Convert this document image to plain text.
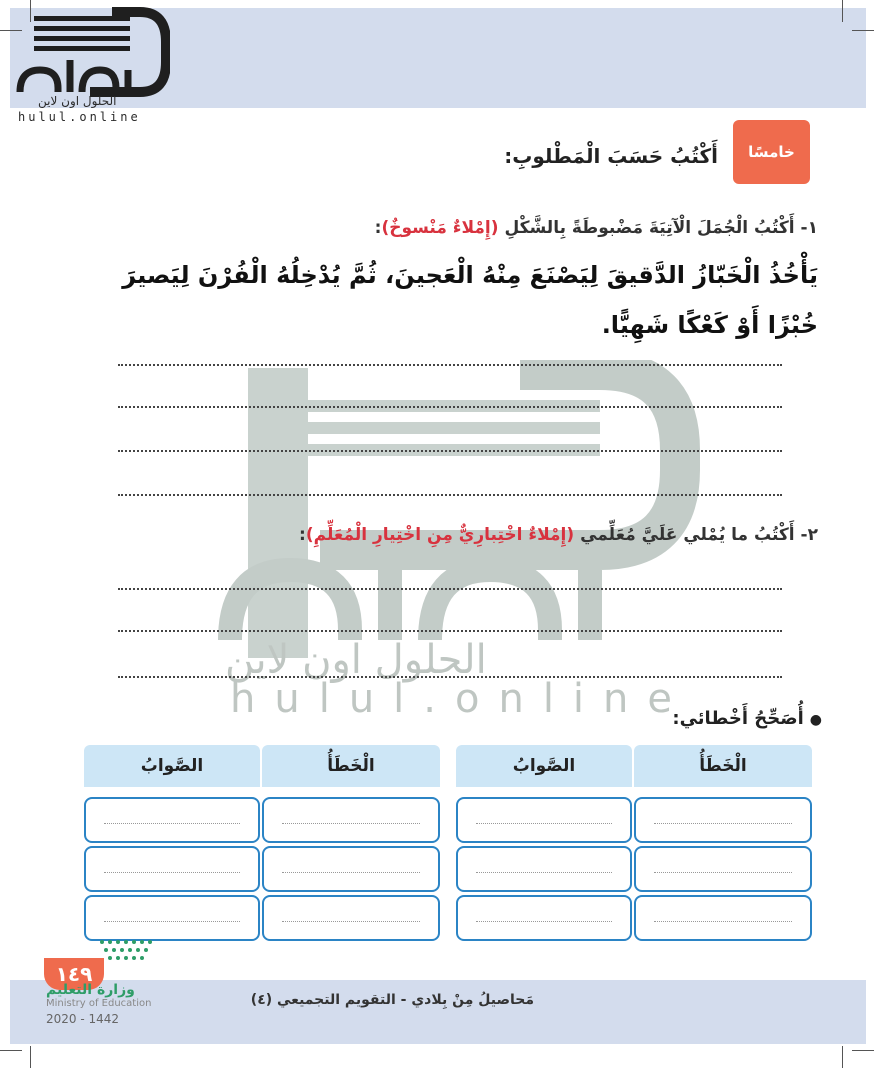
الحلول اون لاين
hulul.online
الحلول اون لاين
hulul.online
خامسًا
أَكْتُبُ حَسَبَ الْمَطْلوبِ:
١- أَكْتُبُ الْجُمَلَ الْآتِيَةَ مَضْبوطَةً بِالشَّكْلِ (إِمْلاءٌ مَنْسوخٌ):
يَأْخُذُ الْخَبّازُ الدَّقيقَ لِيَصْنَعَ مِنْهُ الْعَجينَ، ثُمَّ يُدْخِلُهُ الْفُرْنَ لِيَصيرَ خُبْزًا أَوْ كَعْكًا شَهِيًّا.
٢- أَكْتُبُ ما يُمْلي عَلَيَّ مُعَلِّمي (إِمْلاءٌ اخْتِبارِيٌّ مِنِ اخْتِيارِ الْمُعَلِّمِ):
●أُصَحِّحُ أَخْطائي:
الْخَطَأُ
الصَّوابُ
الْخَطَأُ
الصَّوابُ
١٤٩
وزارة التعليم
Ministry of Education
2020 - 1442
مَحاصيلُ مِنْ بِلادي - التقويم التجميعي (٤)
